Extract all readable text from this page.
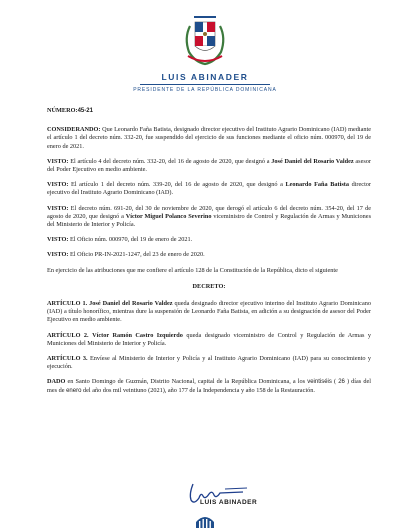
LUIS ABINADER
PRESIDENTE DE LA REPÚBLICA DOMINICANA

NÚMERO:45-21

CONSIDERANDO: Que Leonardo Faña Batista, designado director ejecutivo del Instituto Agrario Dominicano (IAD) mediante el artículo 1 del decreto núm. 332-20, fue suspendido del ejercicio de sus funciones mediante el oficio núm. 000970, del 19 de enero de 2021.

VISTO: El artículo 4 del decreto núm. 332-20, del 16 de agosto de 2020, que designó a José Daniel del Rosario Valdez asesor del Poder Ejecutivo en medio ambiente.

VISTO: El artículo 1 del decreto núm. 339-20, del 16 de agosto de 2020, que designó a Leonardo Faña Batista director ejecutivo del Instituto Agrario Dominicano (IAD).

VISTO: El decreto núm. 691-20, del 30 de noviembre de 2020, que derogó el artículo 6 del decreto núm. 354-20, del 17 de agosto de 2020, que designó a Víctor Miguel Polanco Severino viceministro de Control y Regulación de Armas y Municiones del Ministerio de Interior y Policía.

VISTO: El Oficio núm. 000970, del 19 de enero de 2021.

VISTO: El Oficio PR-IN-2021-1247, del 23 de enero de 2020.

En ejercicio de las atribuciones que me confiere el artículo 128 de la Constitución de la República, dicto el siguiente

DECRETO:

ARTÍCULO 1. José Daniel del Rosario Valdez queda designado director ejecutivo interino del Instituto Agrario Dominicano (IAD) a título honorífico, mientras dure la suspensión de Leonardo Faña Batista, en adición a su designación de asesor del Poder Ejecutivo en medio ambiente.

ARTÍCULO 2. Víctor Ramón Castro Izquierdo queda designado viceministro de Control y Regulación de Armas y Municiones del Ministerio de Interior y Policía.

ARTÍCULO 3. Envíese al Ministerio de Interior y Policía y al Instituto Agrario Dominicano (IAD) para su conocimiento y ejecución.

DADO en Santo Domingo de Guzmán, Distrito Nacional, capital de la República Dominicana, a los veintiséis ( 26 ) días del mes de enero del año dos mil veintiuno (2021), año 177 de la Independencia y año 158 de la Restauración.

LUIS ABINADER
